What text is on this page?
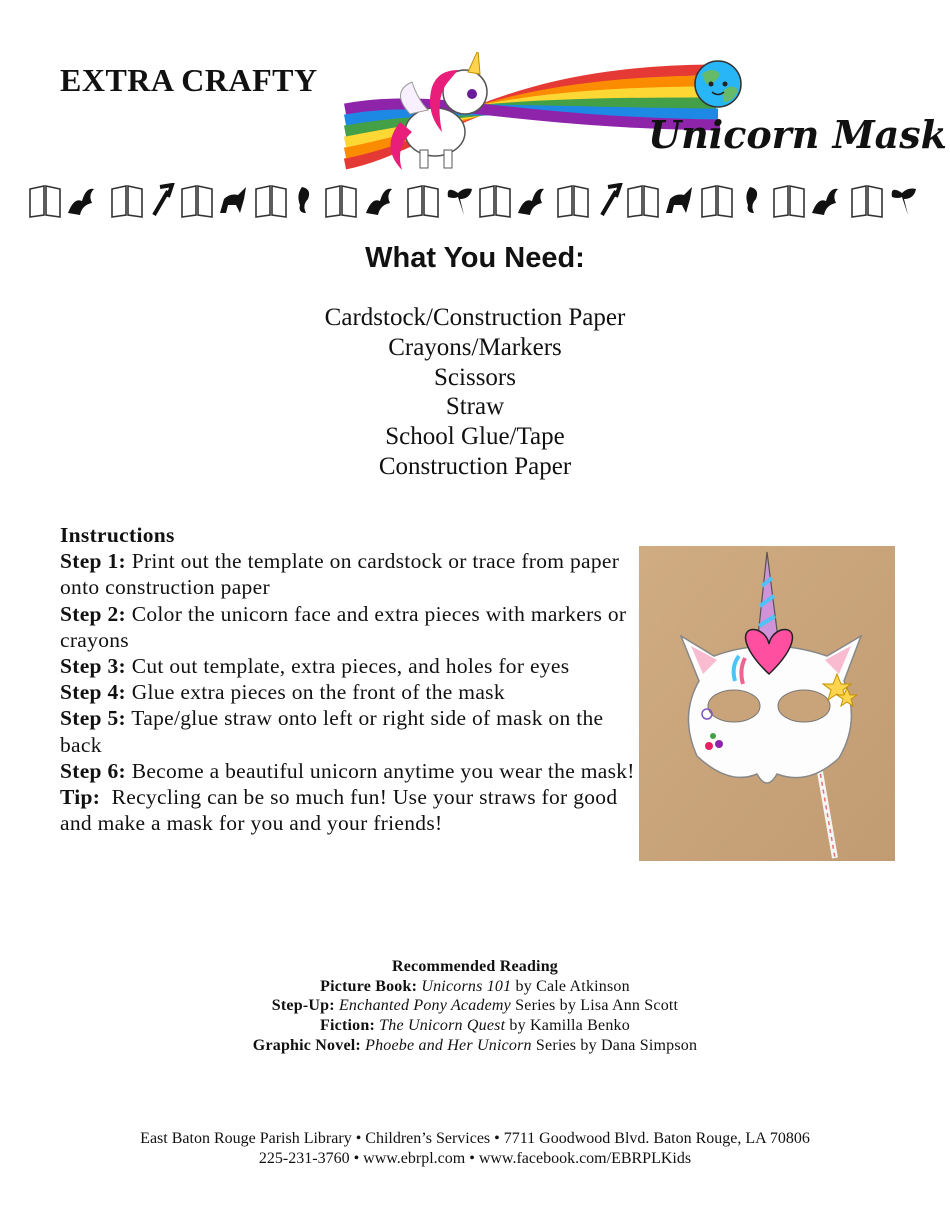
EXTRA CRAFTY
Unicorn Mask
What You Need:
Cardstock/Construction Paper
Crayons/Markers
Scissors
Straw
School Glue/Tape
Construction Paper

Instructions

Step 1: Print out the template on cardstock or trace from paper onto construction paper

Step 2: Color the unicorn face and extra pieces with markers or crayons

Step 3: Cut out template, extra pieces, and holes for eyes

Step 4: Glue extra pieces on the front of the mask

Step 5: Tape/glue straw onto left or right side of mask on the back

Step 6: Become a beautiful unicorn anytime you wear the mask!

Tip:  Recycling can be so much fun! Use your straws for good and make a mask for you and your friends!

Recommended Reading

Picture Book: Unicorns 101 by Cale Atkinson

Step-Up: Enchanted Pony Academy Series by Lisa Ann Scott

Fiction: The Unicorn Quest by Kamilla Benko

Graphic Novel: Phoebe and Her Unicorn Series by Dana Simpson

East Baton Rouge Parish Library • Children’s Services • 7711 Goodwood Blvd. Baton Rouge, LA 70806

225-231-3760 • www.ebrpl.com • www.facebook.com/EBRPLKids
